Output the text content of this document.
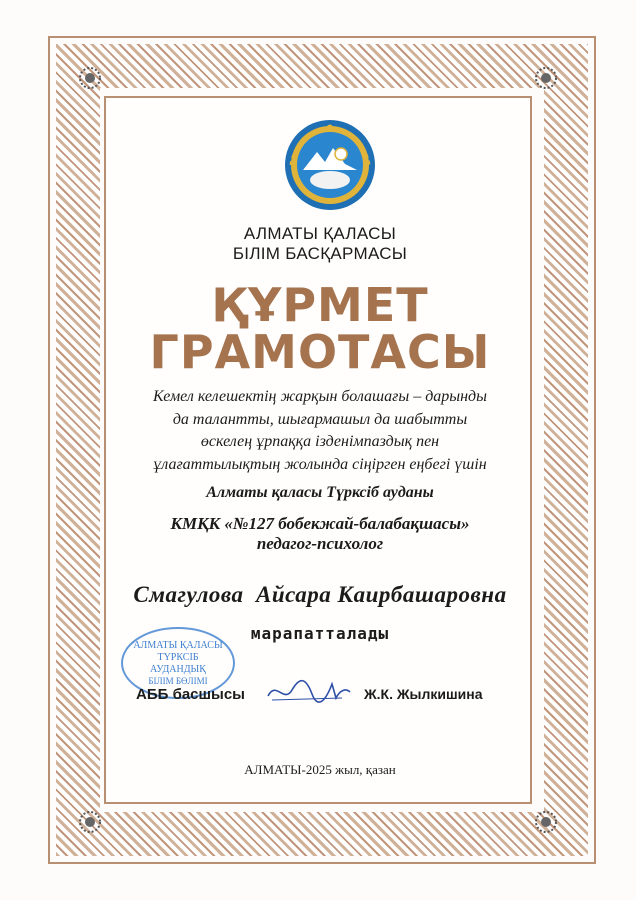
АЛМАТЫ ҚАЛАСЫ
БІЛІМ БАСҚАРМАСЫ
ҚҰРМЕТ
ГРАМОТАСЫ
Кемел келешектің жарқын болашағы – дарынды
да талантты, шығармашыл да шабытты
өскелең ұрпаққа ізденімпаздық пен
ұлағаттылықтың жолында сіңірген еңбегі үшін
Алматы қаласы Түрксіб ауданы
КМҚК «№127 бобекжай-балабақшасы»
педагог-психолог
Смагулова  Айсара Каирбашаровна
марапатталады
АЛМАТЫ ҚАЛАСЫ
ТҮРКСІБ
АУДАНДЫҚ
БІЛІМ БӨЛІМІ
АББ басшысы	Ж.К. Жылкишина
АЛМАТЫ-2025 жыл, қазан
